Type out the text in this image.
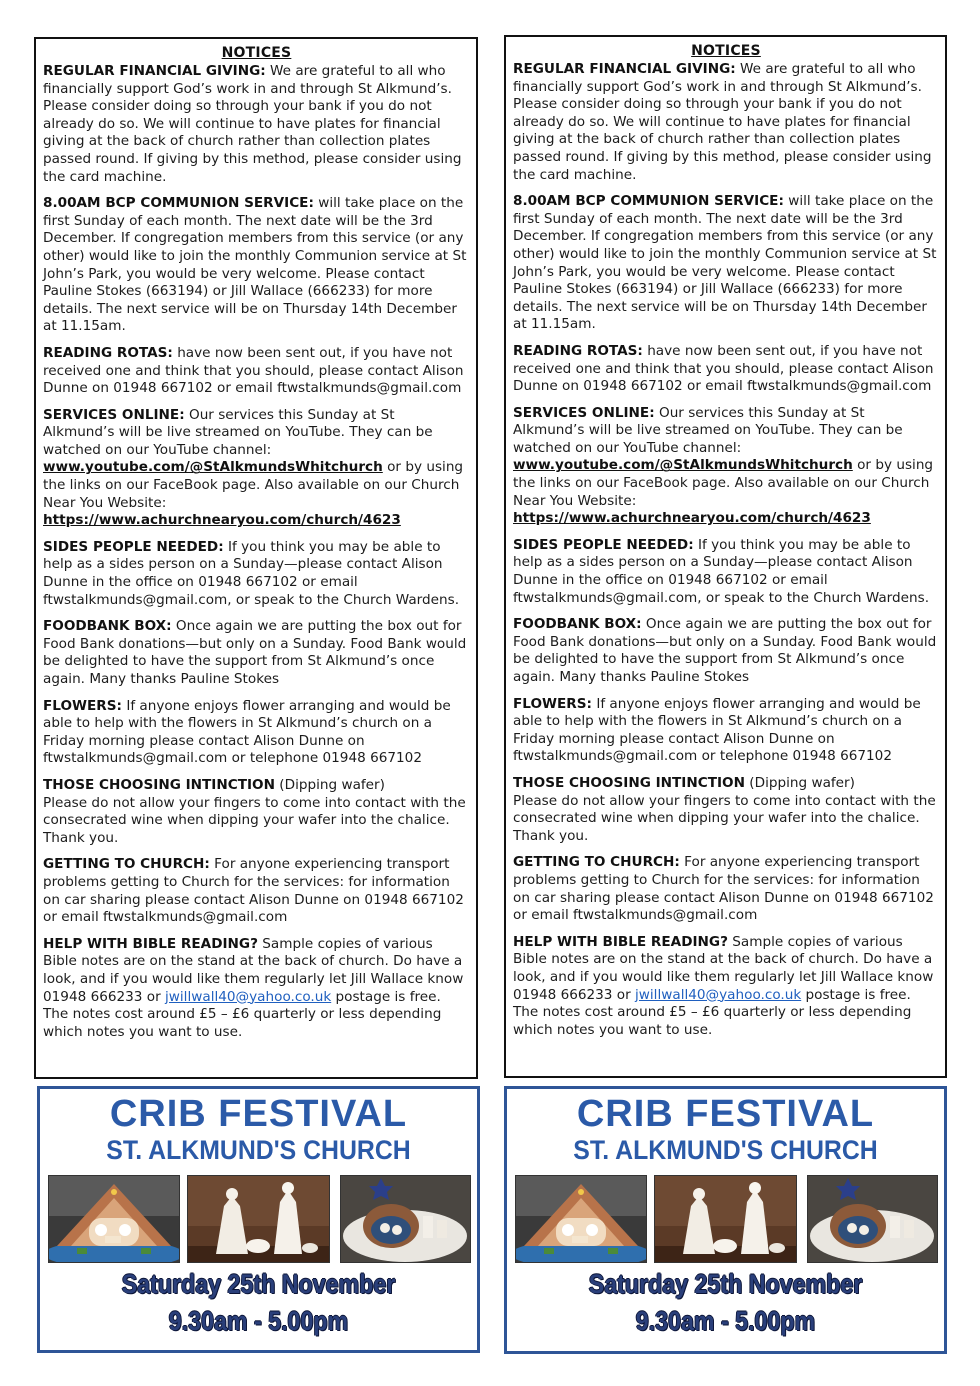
NOTICES

REGULAR FINANCIAL GIVING: We are grateful to all who financially support God’s work in and through St Alkmund’s. Please consider doing so through your bank if you do not already do so. We will continue to have plates for financial giving at the back of church rather than collection plates passed round. If giving by this method, please consider using the card machine.

8.00AM BCP COMMUNION SERVICE: will take place on the first Sunday of each month. The next date will be the 3rd December. If congregation members from this service (or any other) would like to join the monthly Communion service at St John’s Park, you would be very welcome. Please contact Pauline Stokes (663194) or Jill Wallace (666233) for more details. The next service will be on Thursday 14th December at 11.15am.

READING ROTAS: have now been sent out, if you have not received one and think that you should, please contact Alison Dunne on 01948 667102 or email ftwstalkmunds@gmail.com

SERVICES ONLINE: Our services this Sunday at St Alkmund’s will be live streamed on YouTube. They can be watched on our YouTube channel: www.youtube.com/@StAlkmundsWhitchurch or by using the links on our FaceBook page. Also available on our Church Near You Website: https://www.achurchnearyou.com/church/4623

SIDES PEOPLE NEEDED: If you think you may be able to help as a sides person on a Sunday—please contact Alison Dunne in the office on 01948 667102 or email ftwstalkmunds@gmail.com, or speak to the Church Wardens.

FOODBANK BOX: Once again we are putting the box out for Food Bank donations—but only on a Sunday. Food Bank would be delighted to have the support from St Alkmund’s once again. Many thanks Pauline Stokes

FLOWERS: If anyone enjoys flower arranging and would be able to help with the flowers in St Alkmund’s church on a Friday morning please contact Alison Dunne on ftwstalkmunds@gmail.com or telephone 01948 667102

THOSE CHOOSING INTINCTION (Dipping wafer)
Please do not allow your fingers to come into contact with the consecrated wine when dipping your wafer into the chalice. Thank you.

GETTING TO CHURCH: For anyone experiencing transport problems getting to Church for the services: for information on car sharing please contact Alison Dunne on 01948 667102 or email ftwstalkmunds@gmail.com

HELP WITH BIBLE READING? Sample copies of various Bible notes are on the stand at the back of church. Do have a look, and if you would like them regularly let Jill Wallace know 01948 666233 or jwillwall40@yahoo.co.uk postage is free. The notes cost around £5 – £6 quarterly or less depending which notes you want to use.

NOTICES

REGULAR FINANCIAL GIVING: We are grateful to all who financially support God’s work in and through St Alkmund’s. Please consider doing so through your bank if you do not already do so. We will continue to have plates for financial giving at the back of church rather than collection plates passed round. If giving by this method, please consider using the card machine.

8.00AM BCP COMMUNION SERVICE: will take place on the first Sunday of each month. The next date will be the 3rd December. If congregation members from this service (or any other) would like to join the monthly Communion service at St John’s Park, you would be very welcome. Please contact Pauline Stokes (663194) or Jill Wallace (666233) for more details. The next service will be on Thursday 14th December at 11.15am.

READING ROTAS: have now been sent out, if you have not received one and think that you should, please contact Alison Dunne on 01948 667102 or email ftwstalkmunds@gmail.com

SERVICES ONLINE: Our services this Sunday at St Alkmund’s will be live streamed on YouTube. They can be watched on our YouTube channel: www.youtube.com/@StAlkmundsWhitchurch or by using the links on our FaceBook page. Also available on our Church Near You Website: https://www.achurchnearyou.com/church/4623

SIDES PEOPLE NEEDED: If you think you may be able to help as a sides person on a Sunday—please contact Alison Dunne in the office on 01948 667102 or email ftwstalkmunds@gmail.com, or speak to the Church Wardens.

FOODBANK BOX: Once again we are putting the box out for Food Bank donations—but only on a Sunday. Food Bank would be delighted to have the support from St Alkmund’s once again. Many thanks Pauline Stokes

FLOWERS: If anyone enjoys flower arranging and would be able to help with the flowers in St Alkmund’s church on a Friday morning please contact Alison Dunne on ftwstalkmunds@gmail.com or telephone 01948 667102

THOSE CHOOSING INTINCTION (Dipping wafer)
Please do not allow your fingers to come into contact with the consecrated wine when dipping your wafer into the chalice. Thank you.

GETTING TO CHURCH: For anyone experiencing transport problems getting to Church for the services: for information on car sharing please contact Alison Dunne on 01948 667102 or email ftwstalkmunds@gmail.com

HELP WITH BIBLE READING? Sample copies of various Bible notes are on the stand at the back of church. Do have a look, and if you would like them regularly let Jill Wallace know 01948 666233 or jwillwall40@yahoo.co.uk postage is free. The notes cost around £5 – £6 quarterly or less depending which notes you want to use.

CRIB FESTIVAL
ST. ALKMUND'S CHURCH
Saturday 25th November
9.30am - 5.00pm
CRIB FESTIVAL
ST. ALKMUND'S CHURCH
Saturday 25th November
9.30am - 5.00pm
